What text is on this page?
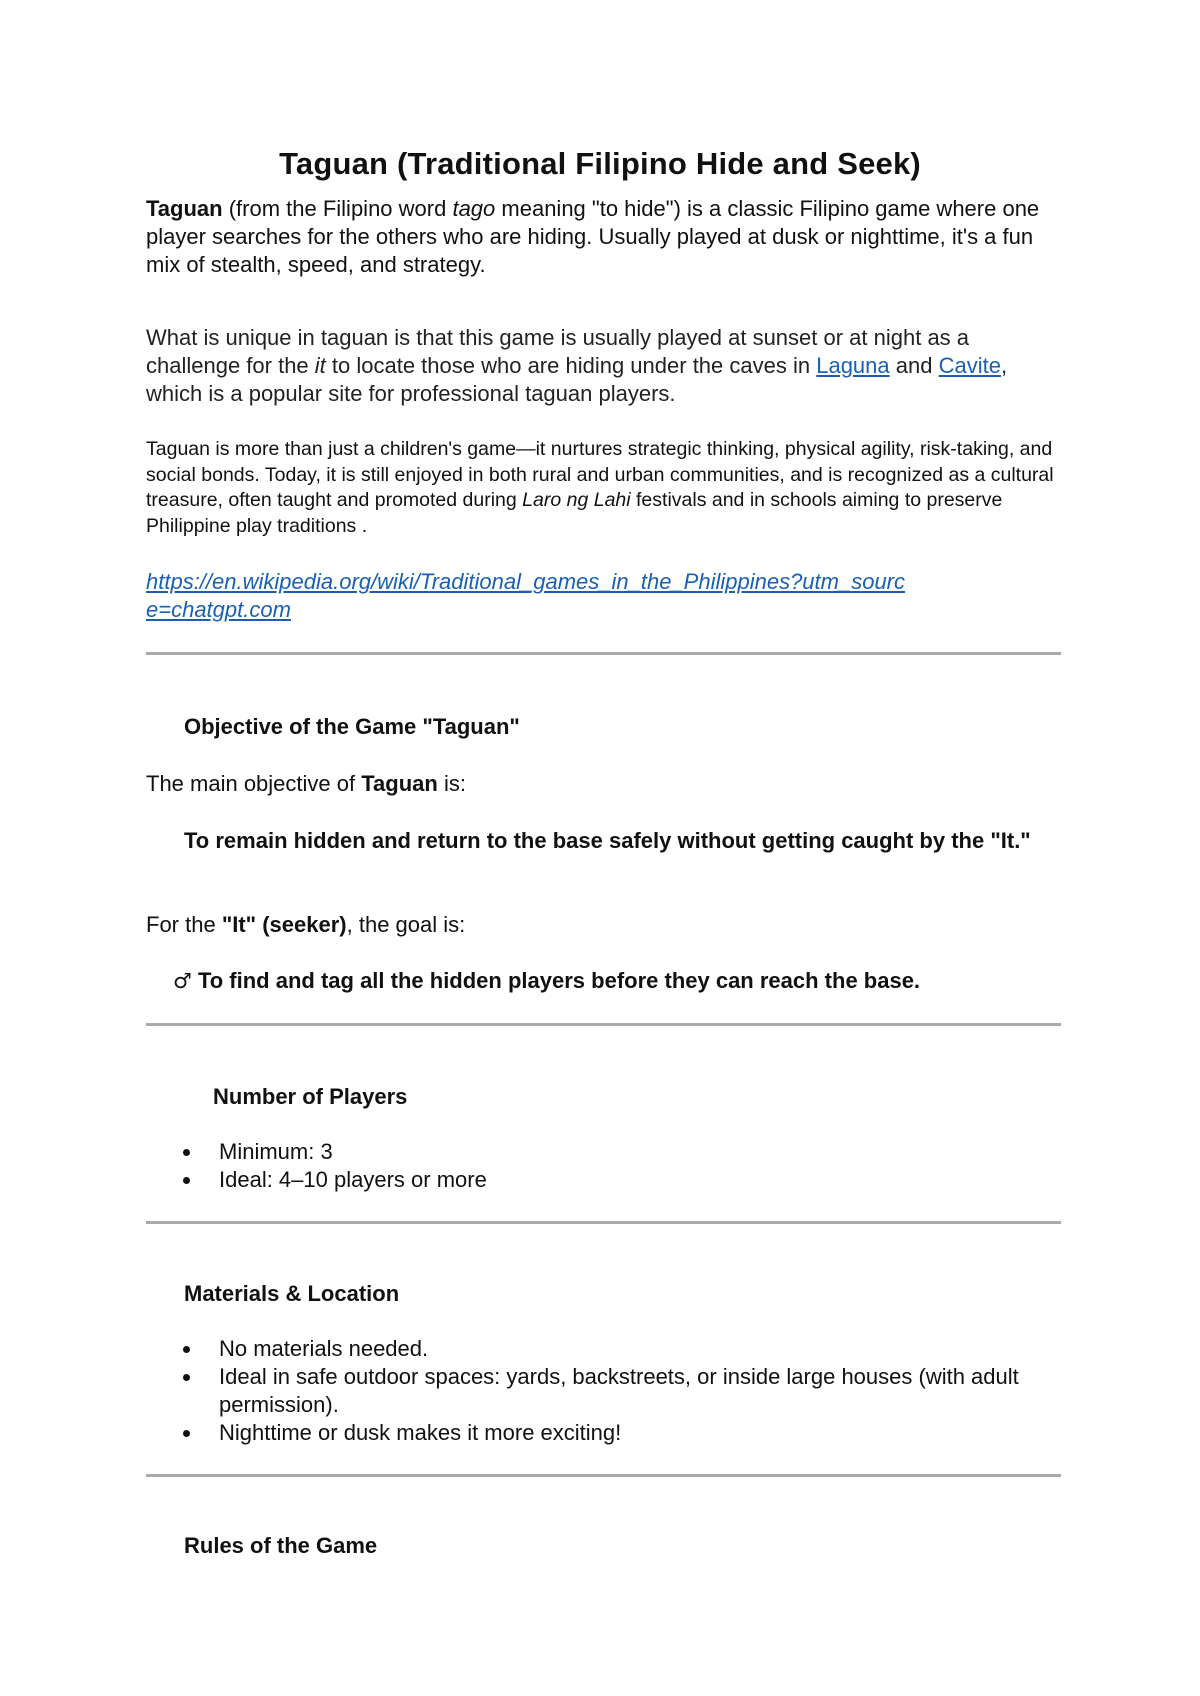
Taguan (Traditional Filipino Hide and Seek)

Taguan (from the Filipino word tago meaning "to hide") is a classic Filipino game where one player searches for the others who are hiding. Usually played at dusk or nighttime, it's a fun mix of stealth, speed, and strategy.

What is unique in taguan is that this game is usually played at sunset or at night as a challenge for the it to locate those who are hiding under the caves in Laguna and Cavite, which is a popular site for professional taguan players.

Taguan is more than just a children's game—it nurtures strategic thinking, physical agility, risk-taking, and social bonds. Today, it is still enjoyed in both rural and urban communities, and is recognized as a cultural treasure, often taught and promoted during Laro ng Lahi festivals and in schools aiming to preserve Philippine play traditions .

https://en.wikipedia.org/wiki/Traditional_games_in_the_Philippines?utm_source=chatgpt.com

Objective of the Game "Taguan"

The main objective of Taguan is:

To remain hidden and return to the base safely without getting caught by the "It."

For the "It" (seeker), the goal is:

♂ To find and tag all the hidden players before they can reach the base.

Number of Players
Minimum: 3
Ideal: 4–10 players or more
Materials & Location
No materials needed.
Ideal in safe outdoor spaces: yards, backstreets, or inside large houses (with adult permission).
Nighttime or dusk makes it more exciting!
Rules of the Game
